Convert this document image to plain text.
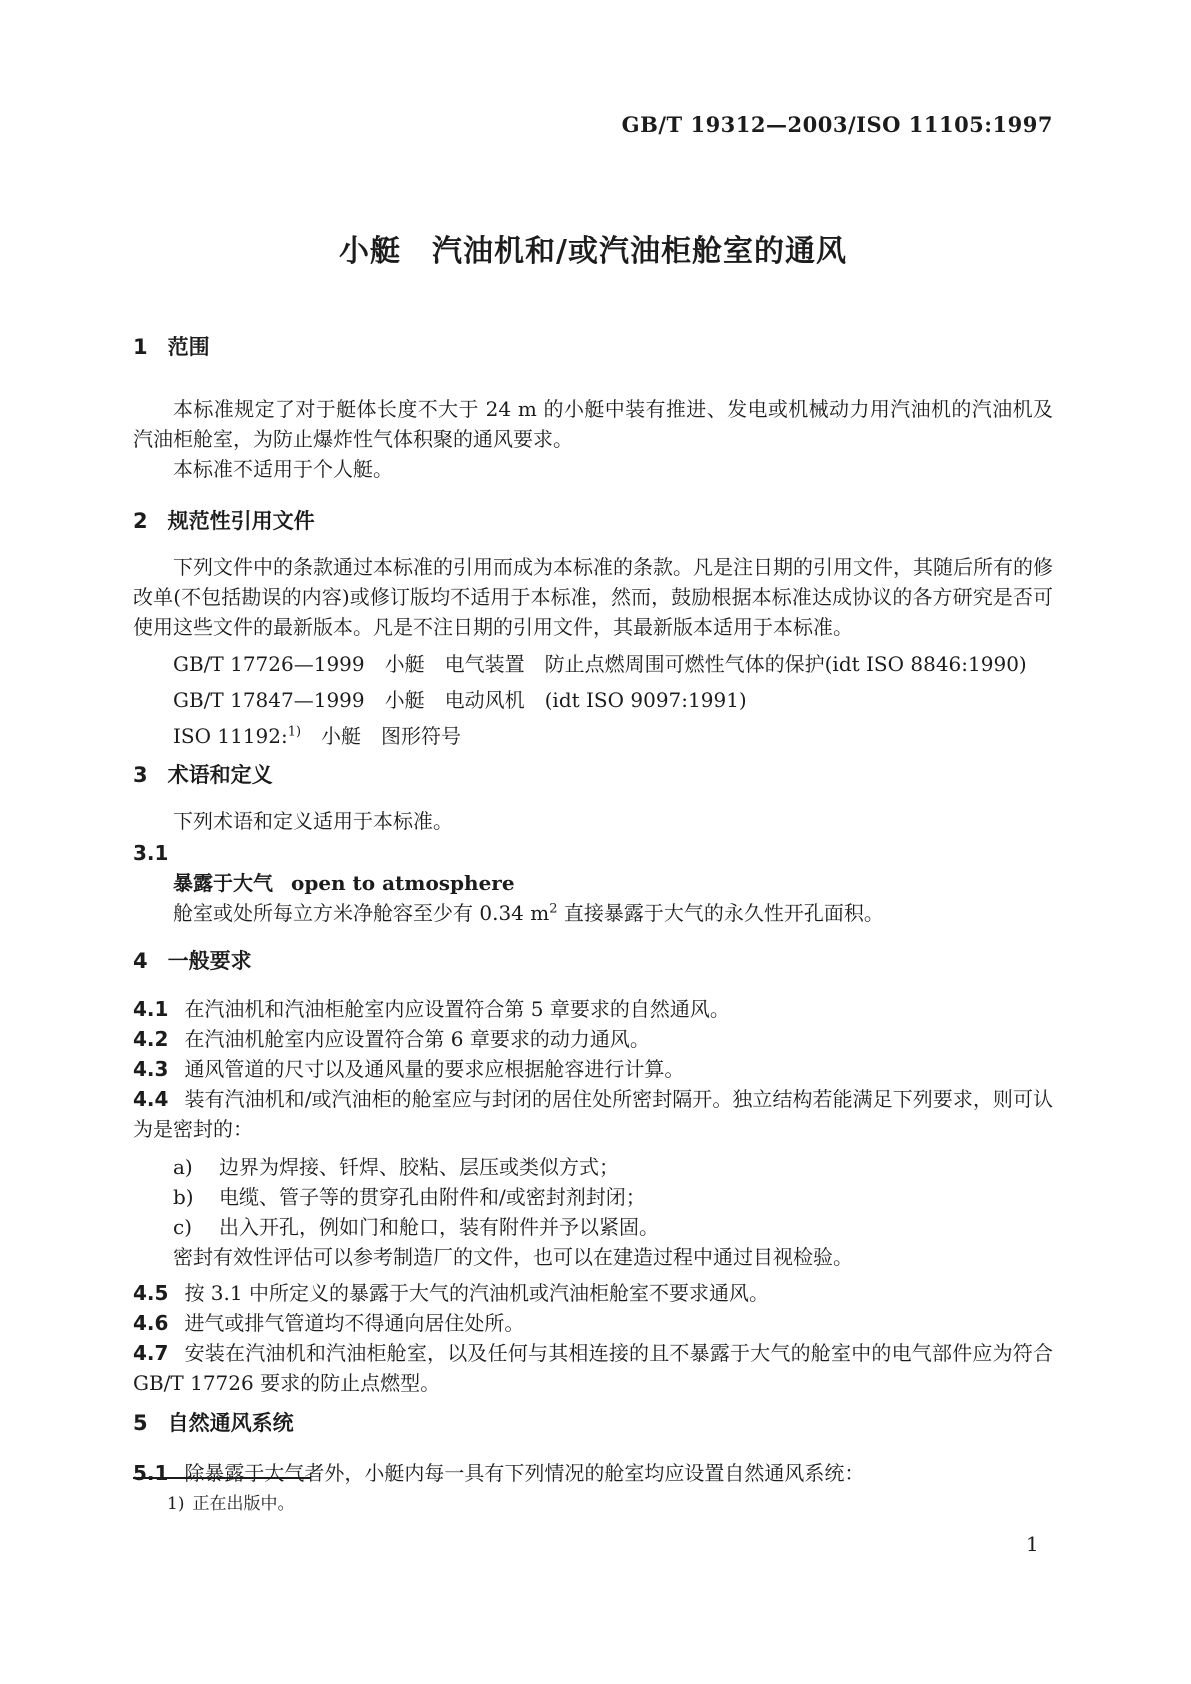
GB/T 19312—2003/ISO 11105:1997
小艇　汽油机和/或汽油柜舱室的通风
1 范围

本标准规定了对于艇体长度不大于 24 m 的小艇中装有推进、发电或机械动力用汽油机的汽油机及汽油柜舱室，为防止爆炸性气体积聚的通风要求。

本标准不适用于个人艇。

2 规范性引用文件

下列文件中的条款通过本标准的引用而成为本标准的条款。凡是注日期的引用文件，其随后所有的修改单(不包括勘误的内容)或修订版均不适用于本标准，然而，鼓励根据本标准达成协议的各方研究是否可使用这些文件的最新版本。凡是不注日期的引用文件，其最新版本适用于本标准。

GB/T 17726—1999　小艇　电气装置　防止点燃周围可燃性气体的保护(idt ISO 8846:1990)

GB/T 17847—1999　小艇　电动风机　(idt ISO 9097:1991)

ISO 11192:$^{1)}$　小艇　图形符号

3 术语和定义

下列术语和定义适用于本标准。

3.1

暴露于大气 open to atmosphere

舱室或处所每立方米净舱容至少有 0.34 $m^2$ 直接暴露于大气的永久性开孔面积。

4 一般要求

4.1 在汽油机和汽油柜舱室内应设置符合第 5 章要求的自然通风。

4.2 在汽油机舱室内应设置符合第 6 章要求的动力通风。

4.3 通风管道的尺寸以及通风量的要求应根据舱容进行计算。

4.4 装有汽油机和/或汽油柜的舱室应与封闭的居住处所密封隔开。独立结构若能满足下列要求，则可认为是密封的：

a) 边界为焊接、钎焊、胶粘、层压或类似方式；

b) 电缆、管子等的贯穿孔由附件和/或密封剂封闭；

c) 出入开孔，例如门和舱口，装有附件并予以紧固。

密封有效性评估可以参考制造厂的文件，也可以在建造过程中通过目视检验。

4.5 按 3.1 中所定义的暴露于大气的汽油机或汽油柜舱室不要求通风。

4.6 进气或排气管道均不得通向居住处所。

4.7 安装在汽油机和汽油柜舱室，以及任何与其相连接的且不暴露于大气的舱室中的电气部件应为符合 GB/T 17726 要求的防止点燃型。

5 自然通风系统

5.1 除暴露于大气者外，小艇内每一具有下列情况的舱室均应设置自然通风系统：

1) 正在出版中。

1
